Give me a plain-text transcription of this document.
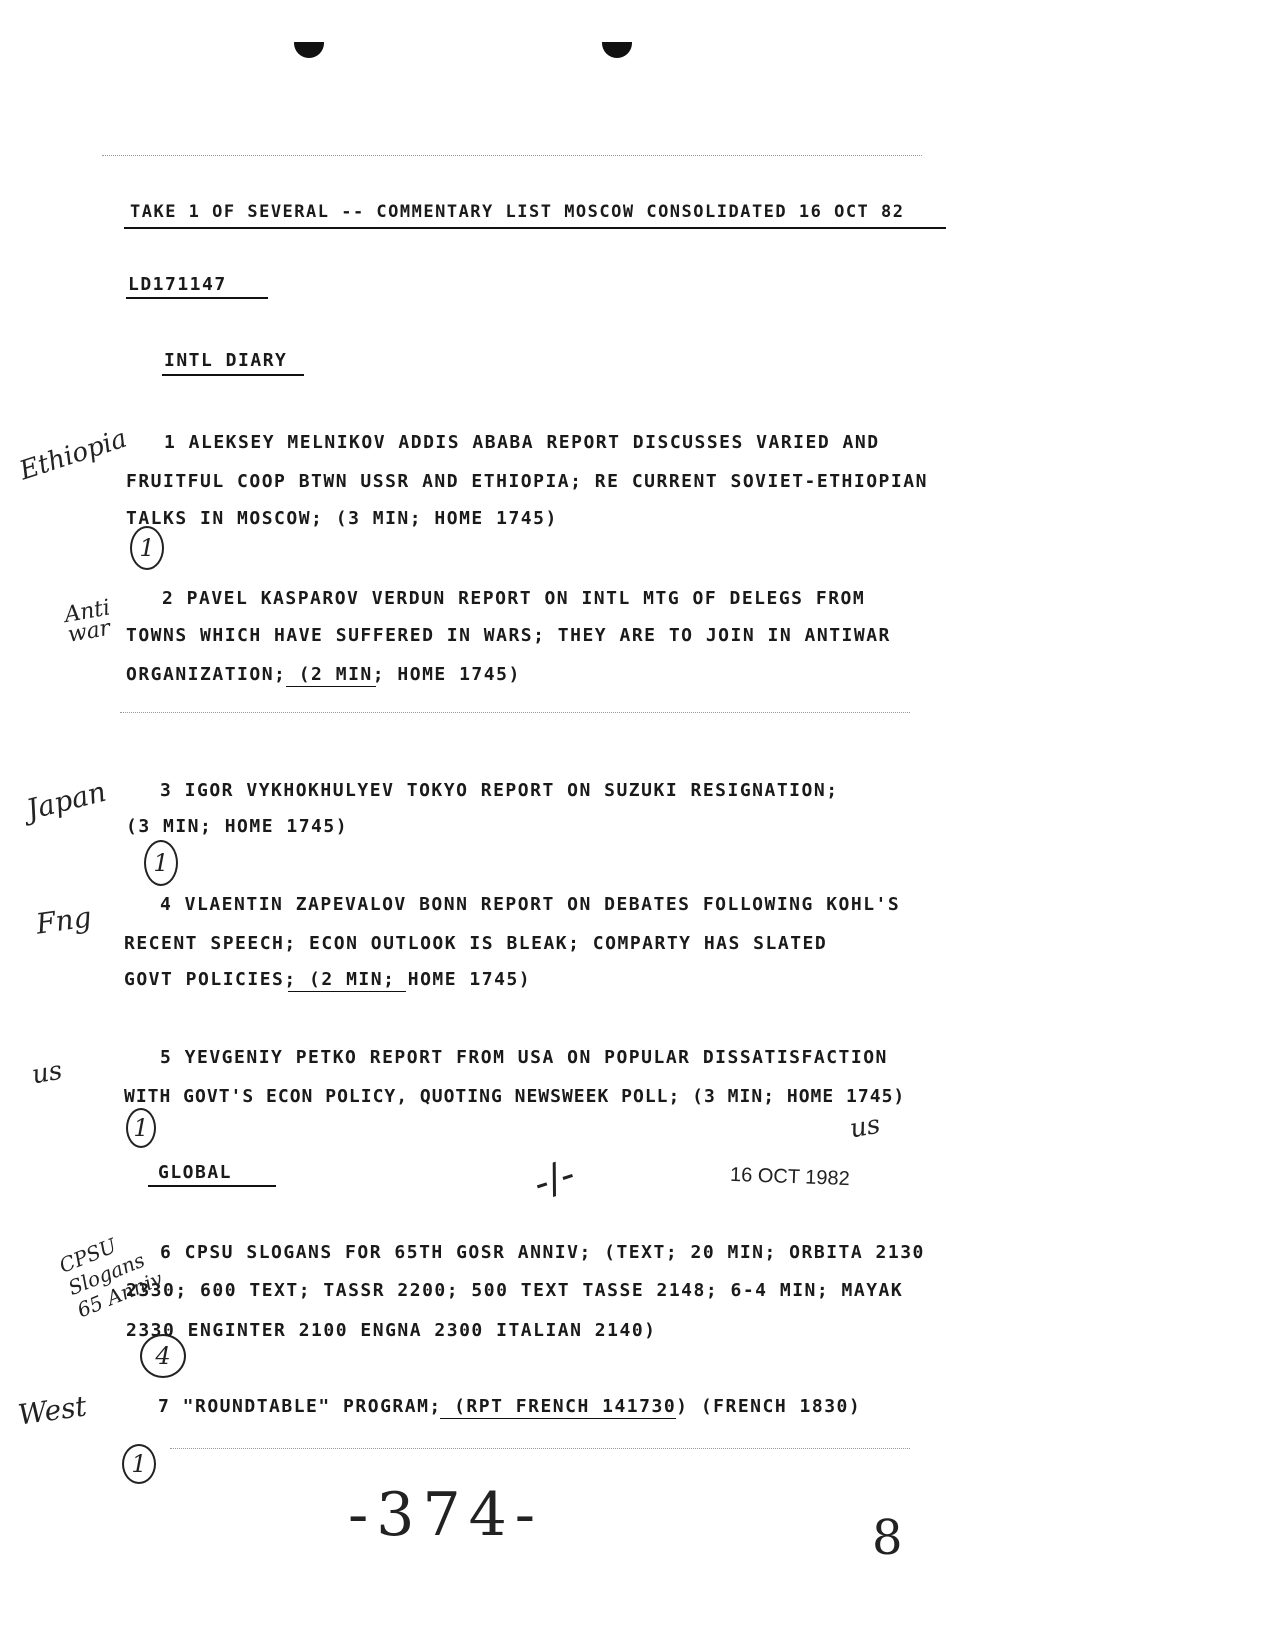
TAKE 1 OF SEVERAL -- COMMENTARY LIST MOSCOW CONSOLIDATED 16 OCT 82
LD171147
INTL DIARY
1 ALEKSEY MELNIKOV ADDIS ABABA REPORT DISCUSSES VARIED AND
FRUITFUL COOP BTWN USSR AND ETHIOPIA; RE CURRENT SOVIET-ETHIOPIAN
TALKS IN MOSCOW; (3 MIN; HOME 1745)
2 PAVEL KASPAROV VERDUN REPORT ON INTL MTG OF DELEGS FROM
TOWNS WHICH HAVE SUFFERED IN WARS; THEY ARE TO JOIN IN ANTIWAR
ORGANIZATION; (2 MIN; HOME 1745)
3 IGOR VYKHOKHULYEV TOKYO REPORT ON SUZUKI RESIGNATION;
(3 MIN; HOME 1745)
4 VLAENTIN ZAPEVALOV BONN REPORT ON DEBATES FOLLOWING KOHL'S
RECENT SPEECH; ECON OUTLOOK IS BLEAK; COMPARTY HAS SLATED
GOVT POLICIES; (2 MIN; HOME 1745)
5 YEVGENIY PETKO REPORT FROM USA ON POPULAR DISSATISFACTION
WITH GOVT'S ECON POLICY, QUOTING NEWSWEEK POLL; (3 MIN; HOME 1745)
GLOBAL	16 OCT 1982
6 CPSU SLOGANS FOR 65TH GOSR ANNIV; (TEXT; 20 MIN; ORBITA 2130
2330; 600 TEXT; TASSR 2200; 500 TEXT TASSE 2148; 6-4 MIN; MAYAK
2330 ENGINTER 2100 ENGNA 2300 ITALIAN 2140)
7 "ROUNDTABLE" PROGRAM; (RPT FRENCH 141730) (FRENCH 1830)
Ethiopia
Anti war
Japan
Fng
us
us
West
CPSU Slogans 65 Anniv
1
1
1
4
1
-/-
-374-	8
